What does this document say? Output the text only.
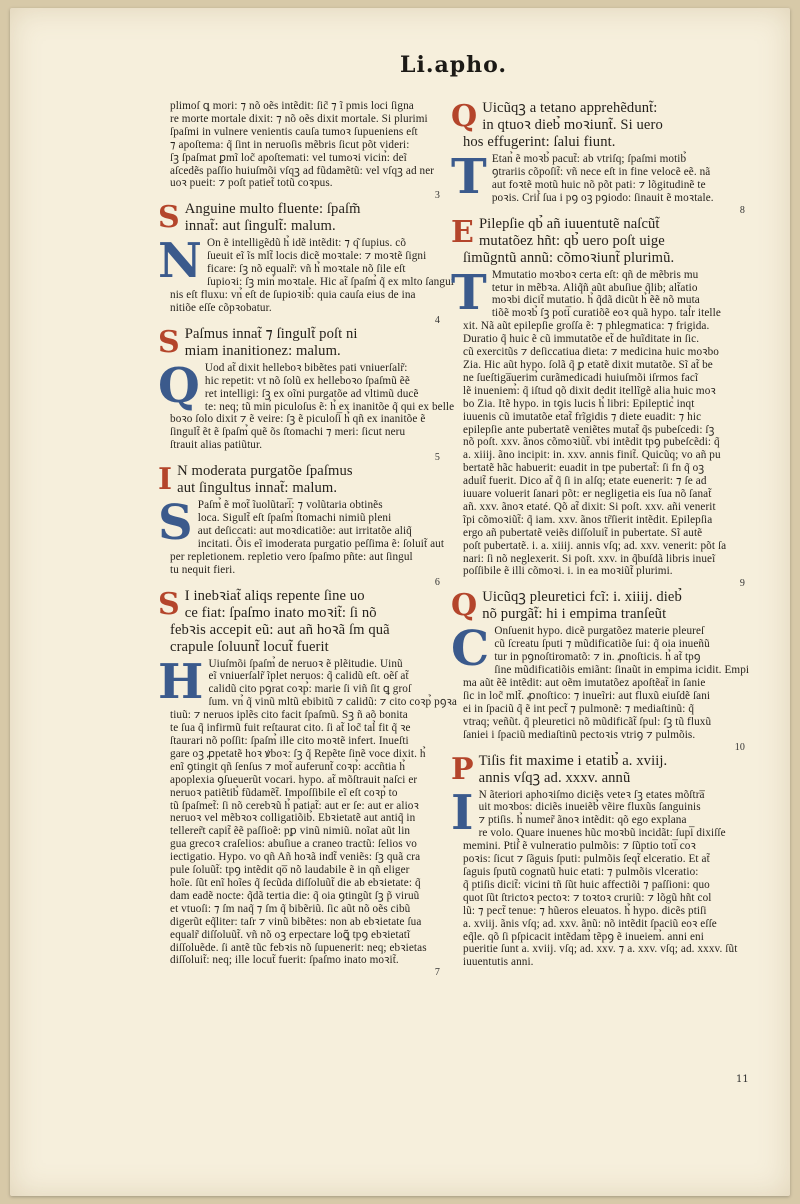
Li.apho.
plimoſ ꝗ mori: ⁊ nõ oẽs intẽdit: ſic̃ ⁊ ĩ pmis loci ſigna
re morte mortale dixit: ⁊ nõ oẽs dixit mortale. Si plurimi
ſpaſmi in vulnere venientis cauſa tumoꝛ ſupueniens eſt
⁊ apoſtema: q̃ ſint in neruoſis mẽbris ſicut põt videri:
ſꝫ ſpaſmat ꝑmĩ loc̃ apoſtemati: vel tumoꝛi vicin̉: deĩ
aſcedẽs paſſio huiuſmõi vſqꝫ ad fũdamẽtũ: vel vſqꝫ ad ner
uoꝛ pueit: ⁊ poſt patiet̃ totũ coꝛpus.
3
S Anguine multo fluente: ſpaſm̃
innat̃: aut ſingult̃: malum.
N On ẽ intelligẽdũ h̉ idẽ intẽdit: ⁊ q͂ ſupius. cõ
ſueuit eĩ ĩs mlt̃ locis dicẽ moꝛtale: ⁊ moꝛtẽ ſigni
ficare: ſꝫ nõ equalr̃: vñ h̉ moꝛtale nõ ſile eſt
ſupioꝛi: ſꝫ min̉ moꝛtale. Hic at̃ ſpaſm̉ q̃ ex mlto ſangui
nis eſt fluxu: vn̉ eſt de ſupioꝛib̉: quia cauſa eius de ina
nitiõe eſſe cõpꝛobatur.
4
S Paſmus innat̃ ⁊ ſingult̃ poſt ni
miam inanitionez: malum.
Q Uod at̃ dixit helleboꝛ bibẽtes pati vniuerſalr̃:
hic repetit: vt nõ ſolũ ex helleboꝛo ſpaſmũ ẽẽ
ret intelligi: ſꝫ ex oĩni purgatõe ad vltimũ ducẽ
te: neq; tũ min̉ piculoſus ẽ: h̉ ex inanitõe q̃ qui ex belle
boꝛo ſolo dixit ⁊ ẽ veire: ſꝫ ẽ piculoſi̅ h̉ qñ ex inanitõe ẽ
ſingult̃ ẽt ẽ ſpaſm̉ quẽ õs ſtomachi ⁊ meri: ſicut neru
ſtrauit alias patiũtur.
5
I N moderata purgatõe ſpaſmus
aut ſingultus innat̃: malum.
S Paſm̉ ẽ mot̃ ĩuolũtari̅: ⁊ volũtaria obtinẽs
loca. Sigult̃ eſt ſpaſm̉ ſtomachi nimiũ pleni
aut deſiccati: aut moꝛdicatiõe: aut irritatõe aliq̃
incitati. Õis eĩ imoderata purgatio peſſima ẽ: ſoluit̃ aut
per repletionem. repletio vero ſpaſmo pñte: aut ſingul
tu nequit fieri.
6
S I inebꝛiat̃ aliqs repente ſine uo
ce fiat: ſpaſmo inato moꝛit̃: ſi nõ
febꝛis accepit eũ: aut añ hoꝛã ſm quã
crapule ſoluunt̃ locut̃ fuerit
H Uiuſmõi ſpaſm̉ de neruoꝛ ẽ plẽitudie. Uinũ
eĩ vniuerſalr̃ ĩplet neruos: q̃ calidũ eſt. oẽſ at̃
calidũ cito pꝯrat coꝛp̉: marie ſi viñ ſit ꝗ groſ
ſum. vn̉ q̃ vinũ mltũ ebibitũ ⁊ calidũ: ⁊ cito coꝛp̉ pꝯꝛa
tiuũ: ⁊ neruos iplẽs cito facit ſpaſmũ. Sꝫ ñ aõ bonita
te ſua q̃ infirmũ fuit reſtaurat cito. ſi at̃ loc̃ tal̉ fit q̃ ꝛe
ſtaurari nõ poſſit: ſpaſm̉ ille cito moꝛtẽ infert. Inueſti
gare oꝫ ꝓpetatẽ hoꝛ ꝟboꝛ: ſꝫ q̃ Repẽte ſinẽ voce dixit. h̉
enĩ ꝯtingit qñ ſenſus ⁊ mot̃ auferunt̃ coꝛp̉: accñtia h̉
apoplexia ꝯſueuerũt vocari. hypo. at̃ mõſtrauit naſci er
neruoꝛ patiẽtib̉ fũdamẽt̃. Impoſſibile eĩ eſt coꝛp̉ to
tũ ſpaſmet̃: ſi nõ cerebꝛũ h̉ patiat̃: aut er ſe: aut er alioꝛ
neruoꝛ vel mẽbꝛoꝛ colligatiõib̉. Ebꝛietatẽ aut antiq̃ in
tellerer̃t capit̃ ẽẽ paſſioẽ: pꝑ vinũ nimiũ. noĩat aũt lin
gua grecoꝛ craſelios: abuſiue a craneo tractũ: ſelios vo
iectigatio. Hypo. vo qñ Añ hoꝛã indt̃ veniẽs: ſꝫ quã cra
pule ſoluũt̃: tpꝯ intẽdit qo̅ nõ laudabile ẽ in qñ eliger
hoĩe. ſũt enĩ hoĩes q̃ ſecũda diſſoluũt̃ die ab ebꝛietate: q̃
dam eadẽ nocte: q̃dã tertia die: q̃ oia ꝯtingũt ſꝫ p̃ viruũ
et vtuoſi: ⁊ ſm naq̃ ⁊ ſm q̃ bibẽriũ. ſic aũt nõ oẽs cibũ
digerũt eq̃liter: taſr ⁊ vinũ bibẽtes: non ab ebꝛietate ſua
equalr̃ diſſoluũt̃. vñ nõ oꝫ erpectare loꝗ̃ tpꝯ ebꝛietatĩ
diſſoluẽde. ſi antẽ tũc febꝛis nõ ſupuenerit: neq; ebꝛietas
diſſoluit̃: neq; ille locut̃ fuerit: ſpaſmo inato moꝛit̃.
7
Q Uicũqꝫ a tetano apprehẽdunt̃:
in qtuoꝛ dieb̉ moꝛiunt̃. Si uero
hos effugerint: ſalui fiunt.
T Etan̉ ẽ moꝛb̉ pacut̃: ab vtriſq; ſpaſmi motib̉
ꝯtrariis cõpoſit̃: vñ nece eſt in fine velocẽ eẽ. nã
aut foꝛtẽ motũ huic nõ põt pati: ⁊ lõgitudinẽ te
poꝛis. Criſ̉ ſua i pꝯ oꝫ pꝯiodo: ſinauit ẽ moꝛtale.
8
E Pilepſie qb̉ añ iuuentutẽ naſcũt̃
mutatõez hñt: qb̉ uero poſt uige
ſimũgntũ annũ: cõmoꝛiunt̃ plurimũ.
T Mmutatio moꝛboꝛ certa eſt: qñ de mẽbris mu
tetur in mẽbꝛa. Aliq̃ñ aũt abuſiue q̃lib; alt̃atio
moꝛbi dicit̃ mutatio. h̉ q̃dã dicũt h̉ ẽẽ nõ muta
tiõẽ moꝛb̉ ſꝫ poti̅ curatiõẽ eoꝛ quã hypo. tal̉r itelle
xit. Nã aũt epilepſie groſſa ẽ: ⁊ phlegmatica: ⁊ frigida.
Duratio q̃ huic ẽ cũ immutatõe et̃ de huĩditate in ſic.
cũ exercitũs ⁊ deſiccatiua dieta: ⁊ medicina huic moꝛbo
Zia. Hic aũt hypo. ſolã q̃ ꝑ etatẽ dixit mutatõe. Sĩ at̃ be
ne ſueſtiga̅uerim̉ curãmedicadi huiuſmõi iſrmos facĩ
lẽ inueniem̉: q̃ iſtud qõ dixit dedit itellĩgẽ alia huic moꝛ
bo Zia. Itẽ hypo. in tꝯis lucis h̉ libri: Epileptic̉ inqt
iuuenis cũ imutatõe etat̃ frĩgidis ⁊ diete euadit: ⁊ hic
epilepſie ante pubertatẽ veniẽtes mutat̃ q̃s pubeſcedi: ſꝫ
nõ poſt. xxv. ãnos cõmoꝛiũt̃. vbi intẽdit tpꝯ pubeſcẽdi: q̃
a. xiiij. ãno incipit: in. xxv. annis finit̃. Quicũq; vo añ pu
bertatẽ hãc habuerit: euadit in tpe pubertat̃: ſi fn q̃ oꝫ
aduit̃ fuerit. Dico at̃ q̃ ſi in alſq; etate euenerit: ⁊ ſe ad
iuuare voluerit ſanari põt: er negligetia eis ſua nõ ſanat̃
añ. xxv. ãnoꝛ etaté. Qõ at̃ dixit: Si poſt. xxv. añi venerit
ĩpi cõmoꝛiũt̃: q̃ iam. xxv. ãnos tr̃ſierit intẽdit. Epilepſia
ergo añ pubertatẽ veiẽs diſſoluit̃ in pubertate. Sĩ autẽ
poſt pubertatẽ. i. a. xiiij. annis vſq; ad. xxv. venerit: põt ſa
nari: ſi nõ neglexerit. Si poſt. xxv. in q̃buſdã libris inueĩ
poſſibile ẽ illi cõmoꝛi. i. in ea moꝛiũt̃ plurimi.
9
Q Uicũqꝫ pleuretici fcĩ: i. xiiij. dieb̉
nõ purgãt̃: hi i empima tranſeũt
C Onſuenit hypo. dicẽ purgatõez materie pleureſ
cũ ſcreatu ſputi ⁊ mũdificatiõe ſui: q̃ oia inueñũ
tur in pꝯnoſtiromatõ: ⁊ in. ꝓnoſticis. h̉ at̃ tpꝯ
ſine mũdificatiõis emiãnt: ſinaũt in empima icidit. Empi
ma aũt ẽẽ intẽdit: aut oẽm imutatõez apoſtẽat̃ in ſanie
ſic in loc̃ mlt̃. ꝓnoſtico: ⁊ inueĩri: aut fluxũ eiuſdẽ ſani
ei in ſpaciũ q̃ ẽ int pect̃ ⁊ pulmonẽ: ⁊ mediaſtinũ: q̃
vtraq; veñũt. q̃ pleuretici nõ mũdificãt̃ ſpul: ſꝫ tũ fluxũ
ſaniei i ſpaciũ mediaſtinũ pectoꝛis vtriꝯ ⁊ pulmõis.
10
P Tiſis fit maxime i etatib̉ a. xviij.
annis vſqꝫ ad. xxxv. annũ
I N ãteriori aphoꝛiſmo diciẽs veteꝛ ſꝫ etates mõſtra̅
uit moꝛbos: diciẽs inueiẽb̉ vẽire fluxũs ſanguinis
⁊ ptiſis. h̉ numer̃ ãnoꝛ intẽdit: qõ ego explana
re volo. Quare inuenes hũc moꝛbũ incidãt: ſupi̅ dixiſſe
memini. Ptiſ̉ ẽ vulneratio pulmõis: ⁊ ſũptio toti̅ coꝛ
poꝛis: ſicut ⁊ ſãguis ſputi: pulmõis ſeqt̃ elceratio. Et at̃
ſaguis ſputũ cognatũ huic etati: ⁊ pulmõis vlceratio:
q̃ ptiſis dicit̃: vicini tñ ſũt huic affectiõi ⁊ paſſioni: quo
quot ſũt ſtrictoꝛ pectoꝛ: ⁊ toꝛtoꝛ cruriũ: ⁊ lõgũ hñt col
lũ: ⁊ pect̃ tenue: ⁊ hũeros eleuatos. h̉ hypo. dicẽs ptiſi
a. xviij. ãnis vſq; ad. xxv. ãnũ: nõ intẽdit ſpaciũ eoꝛ eſſe
eq̃le. qõ ſi pſpicacit intẽdam̉ tẽpꝯ ẽ inueiem̉. anni eni
pueritie ſunt a. xviij. vſq; ad. xxv. ⁊ a. xxv. vſq; ad. xxxv. ſũt
iuuentutis anni.
11
